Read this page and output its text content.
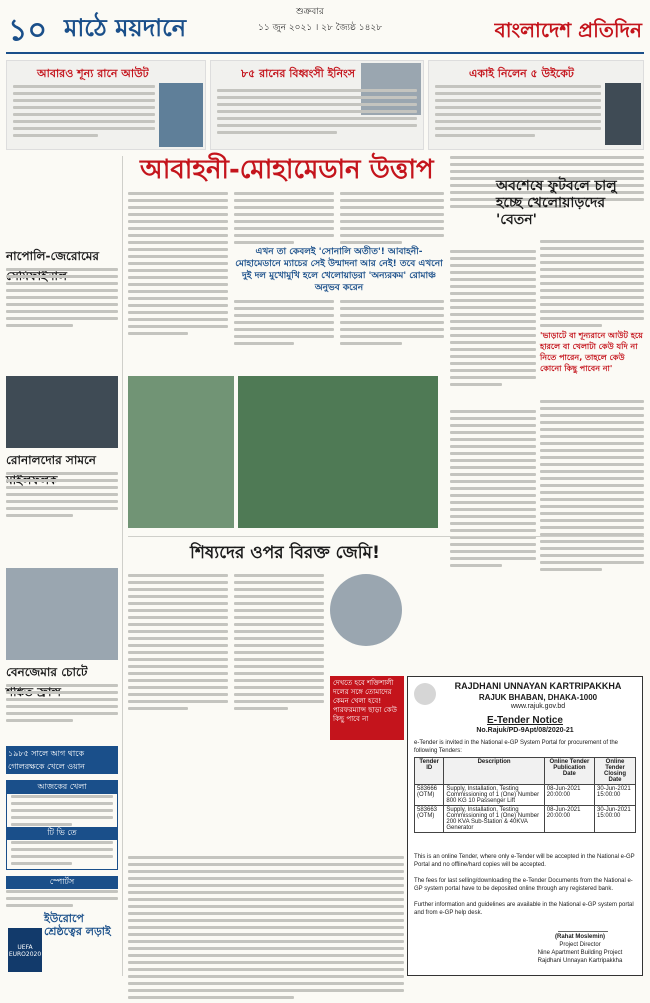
১০ মাঠে ময়দানে
শুক্রবার
১১ জুন ২০২১ । ২৮ জ্যৈষ্ঠ ১৪২৮	বাংলাদেশ প্রতিদিন
আবারও শূন্য রানে আউট	৮৫ রানের বিধ্বংসী ইনিংস	একাই নিলেন ৫ উইকেট
নাপোলি-জেরোমের
রোনালদোর সামনে
বেনজেমার চোটে
১৯৮৫ সালে আগ থাকে গোলরক্ষকে খেলে ওয়ান
আজকের খেলা
টি ভি তে
স্পোর্টস
ইউরোপে শ্রেষ্ঠত্বের লড়াই
UEFA EURO2020
আবাহনী-মোহামেডান উত্তাপ
এখন তা কেবলই 'সোনালি অতীত'! আবাহনী-মোহামেডানে ম্যাচের সেই উন্মাদনা আর নেই! তবে এখনো দুই দল মুখোমুখি হলে খেলোয়াড়রা 'অন্যরকম' রোমাঞ্চ অনুভব করেন
অবশেষে ফুটবলে চালু হচ্ছে খেলোয়াড়দের 'বেতন'
'ভাড়াটে বা শূন্যরানে আউট হয়ে হারলে বা খেলাটা কেউ যদি না নিতে পারেন, তাহলে কেউ কোনো কিছু পাবেন না'
শিষ্যদের ওপর বিরক্ত জেমি!
দেখতে হবে শক্তিশালী দলের সঙ্গে তোমাদের কেমন খেলা হবে! পারফরম্যান্স ছাড়া কেউ কিছু পাবে না
RAJDHANI UNNAYAN KARTRIPAKKHA
RAJUK BHABAN, DHAKA-1000
www.rajuk.gov.bd
E-Tender Notice
No.Rajuk/PD-9Apt/08/2020-21
e-Tender is invited in the National e-GP System Portal for procurement of the following Tenders:
Tender ID	Description	Online Tender Publication Date	Online Tender Closing Date
583666 (OTM)	Supply, Installation, Testing Commissioning of 1 (One) Number 800 KG 10 Passenger Lift	08-Jun-2021 20:00:00	30-Jun-2021 15:00:00
583663 (OTM)	Supply, Installation, Testing Commissioning of 1 (One) Number 200 KVA Sub-Station & 40KVA Generator	08-Jun-2021 20:00:00	30-Jun-2021 15:00:00
This is an online Tender, where only e-Tender will be accepted in the National e-GP Portal and no offline/hard copies will be accepted.
The fees for last selling/downloading the e-Tender Documents from the National e-GP system portal have to be deposited online through any registered bank.
Further information and guidelines are available in the National e-GP system portal and from e-GP help desk.
(Rahat Moslemin)
Project Director
Nine Apartment Building Project
Rajdhani Unnayan Kartripakkha
